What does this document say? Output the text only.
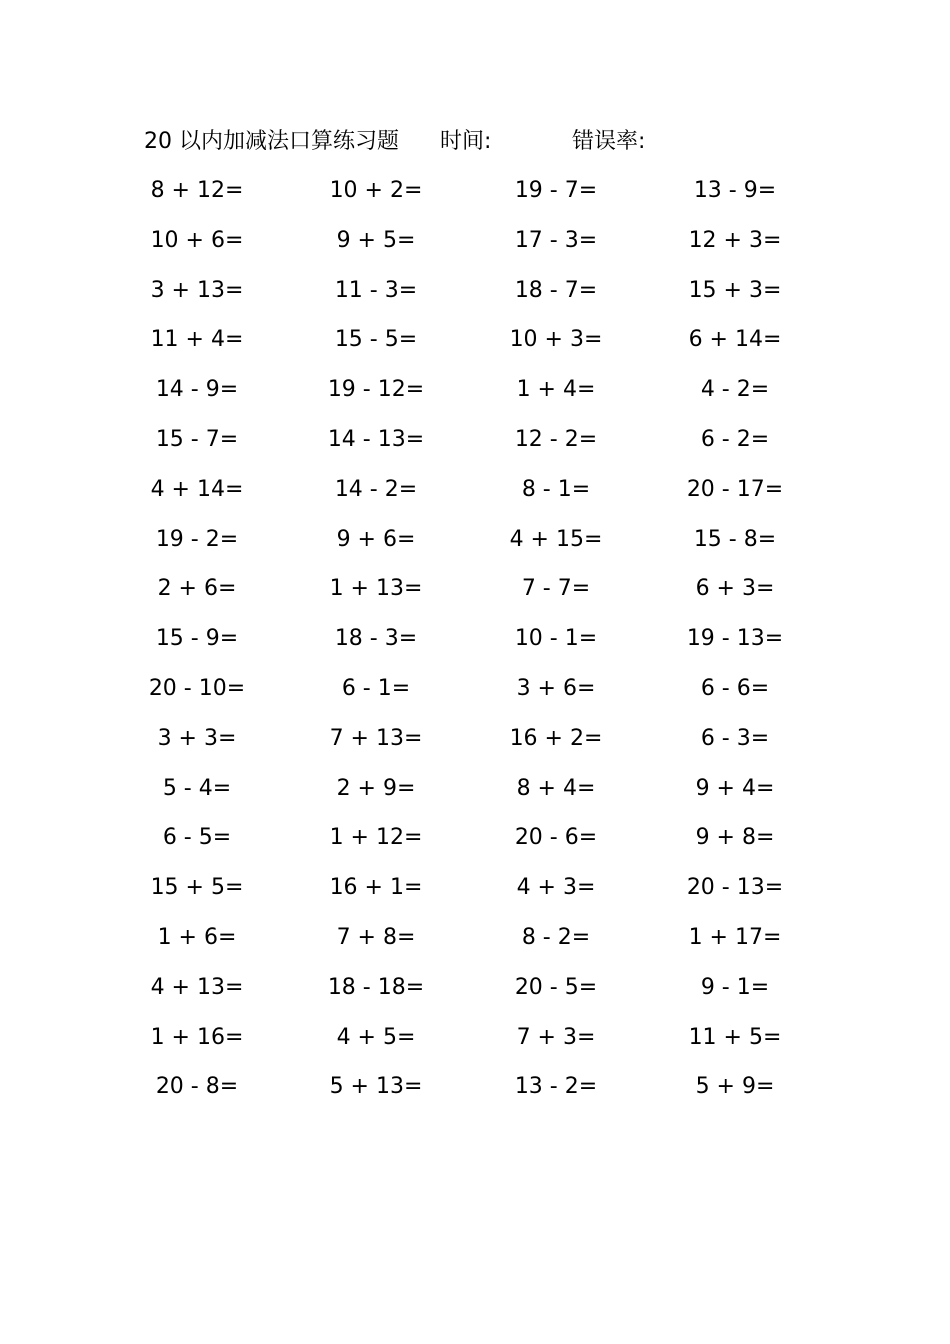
20 以内加减法口算练习题 时间:	错误率:
8 + 12=	10 + 2=	19 - 7=	13 - 9=
10 + 6=	9 + 5=	17 - 3=	12 + 3=
3 + 13=	11 - 3=	18 - 7=	15 + 3=
11 + 4=	15 - 5=	10 + 3=	6 + 14=
14 - 9=	19 - 12=	1 + 4=	4 - 2=
15 - 7=	14 - 13=	12 - 2=	6 - 2=
4 + 14=	14 - 2=	8 - 1=	20 - 17=
19 - 2=	9 + 6=	4 + 15=	15 - 8=
2 + 6=	1 + 13=	7 - 7=	6 + 3=
15 - 9=	18 - 3=	10 - 1=	19 - 13=
20 - 10=	6 - 1=	3 + 6=	6 - 6=
3 + 3=	7 + 13=	16 + 2=	6 - 3=
5 - 4=	2 + 9=	8 + 4=	9 + 4=
6 - 5=	1 + 12=	20 - 6=	9 + 8=
15 + 5=	16 + 1=	4 + 3=	20 - 13=
1 + 6=	7 + 8=	8 - 2=	1 + 17=
4 + 13=	18 - 18=	20 - 5=	9 - 1=
1 + 16=	4 + 5=	7 + 3=	11 + 5=
20 - 8=	5 + 13=	13 - 2=	5 + 9=
